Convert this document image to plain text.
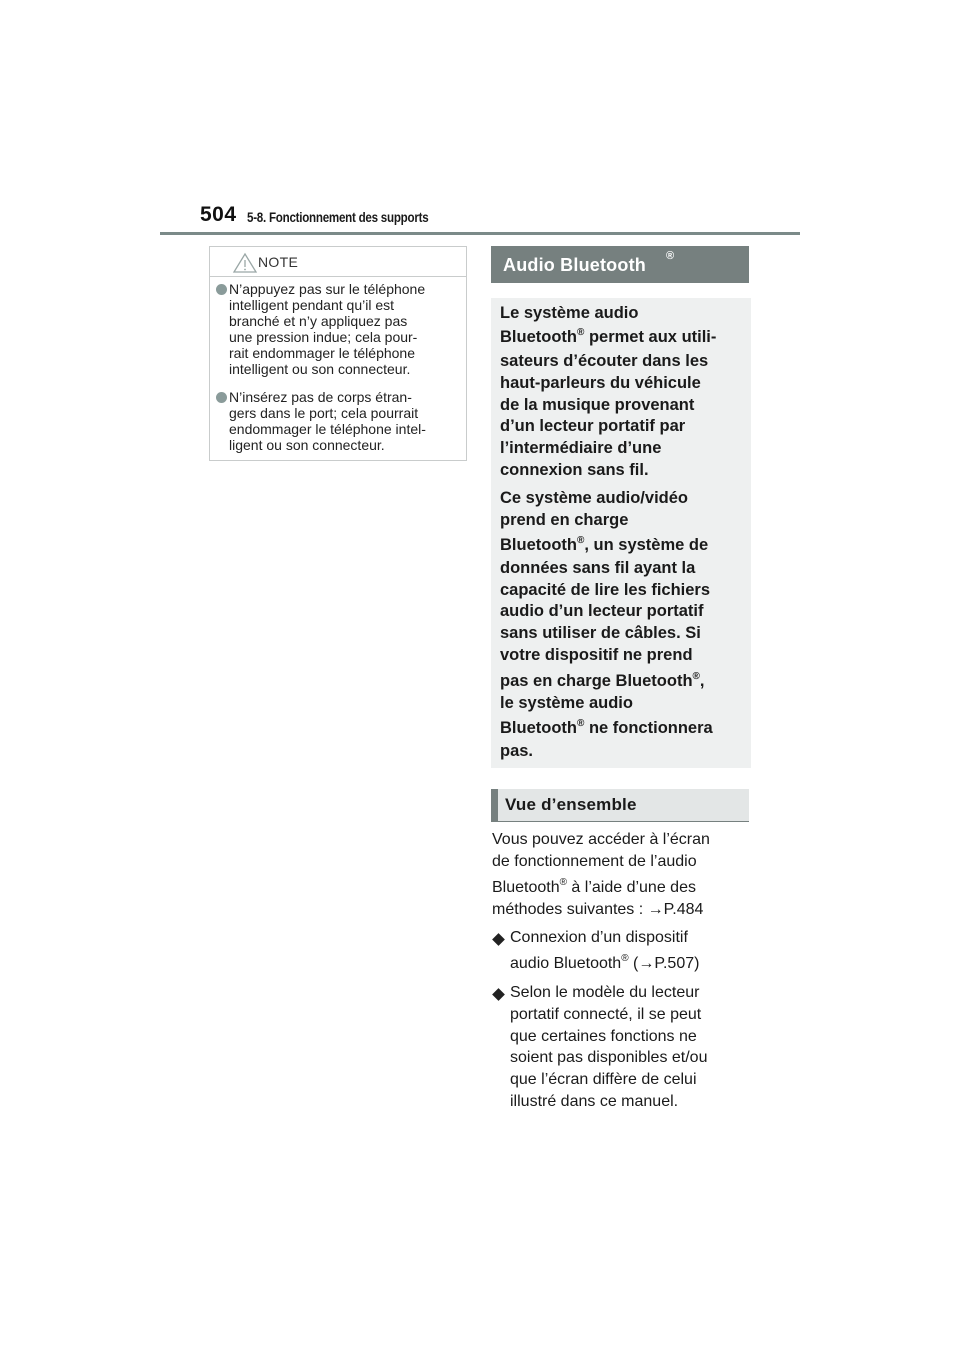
504 5-8. Fonctionnement des supports
NOTE
N’appuyez pas sur le téléphone
intelligent pendant qu’il est
branché et n’y appliquez pas
une pression indue; cela pour-
rait endommager le téléphone
intelligent ou son connecteur.
N’insérez pas de corps étran-
gers dans le port; cela pourrait
endommager le téléphone intel-
ligent ou son connecteur.
Audio Bluetooth ®
Le système audio
Bluetooth® permet aux utili-
sateurs d’écouter dans les
haut-parleurs du véhicule
de la musique provenant
d’un lecteur portatif par
l’intermédiaire d’une
connexion sans fil.
Ce système audio/vidéo
prend en charge
Bluetooth®, un système de
données sans fil ayant la
capacité de lire les fichiers
audio d’un lecteur portatif
sans utiliser de câbles. Si
votre dispositif ne prend
pas en charge Bluetooth®,
le système audio
Bluetooth® ne fonctionnera
pas.
Vue d’ensemble
Vous pouvez accéder à l’écran
de fonctionnement de l’audio
Bluetooth® à l’aide d’une des
méthodes suivantes : →P.484
Connexion d’un dispositif
audio Bluetooth® (→P.507)
Selon le modèle du lecteur
portatif connecté, il se peut
que certaines fonctions ne
soient pas disponibles et/ou
que l’écran diffère de celui
illustré dans ce manuel.
